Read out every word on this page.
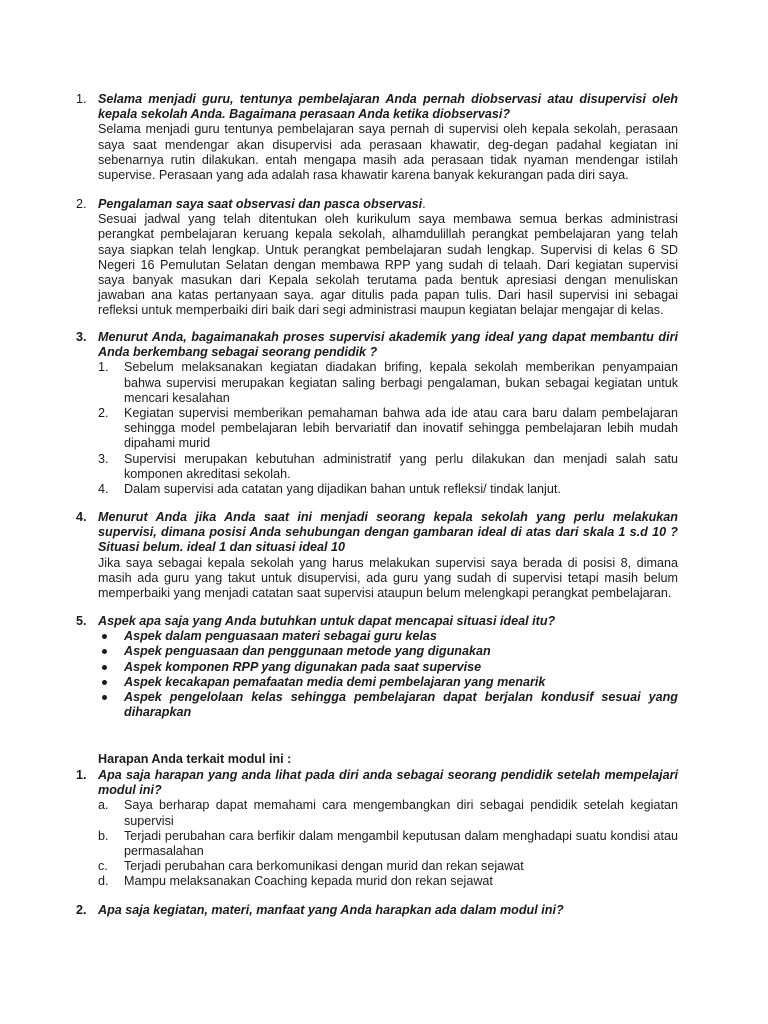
1. Selama menjadi guru, tentunya pembelajaran Anda pernah diobservasi atau disupervisi oleh kepala sekolah Anda. Bagaimana perasaan Anda ketika diobservasi?
Selama menjadi guru tentunya pembelajaran saya pernah di supervisi oleh kepala sekolah, perasaan saya saat mendengar akan disupervisi ada perasaan khawatir, deg-degan padahal kegiatan ini sebenarnya rutin dilakukan. entah mengapa masih ada perasaan tidak nyaman mendengar istilah supervise. Perasaan yang ada adalah rasa khawatir karena banyak kekurangan pada diri saya.
2. Pengalaman saya saat observasi dan pasca observasi.
Sesuai jadwal yang telah ditentukan oleh kurikulum saya membawa semua berkas administrasi perangkat pembelajaran keruang kepala sekolah, alhamdulillah perangkat pembelajaran yang telah saya siapkan telah lengkap. Untuk perangkat pembelajaran sudah lengkap. Supervisi di kelas 6 SD Negeri 16 Pemulutan Selatan dengan membawa RPP yang sudah di telaah. Dari kegiatan supervisi saya banyak masukan dari Kepala sekolah terutama pada bentuk apresiasi dengan menuliskan jawaban ana katas pertanyaan saya. agar ditulis pada papan tulis. Dari hasil supervisi ini sebagai refleksi untuk memperbaiki diri baik dari segi administrasi maupun kegiatan belajar mengajar di kelas.
3. Menurut Anda, bagaimanakah proses supervisi akademik yang ideal yang dapat membantu diri Anda berkembang sebagai seorang pendidik ?
1.	Sebelum melaksanakan kegiatan diadakan brifing, kepala sekolah memberikan penyampaian bahwa supervisi merupakan kegiatan saling berbagi pengalaman, bukan sebagai kegiatan untuk mencari kesalahan
2.	Kegiatan supervisi memberikan pemahaman bahwa ada ide atau cara baru dalam pembelajaran sehingga model pembelajaran lebih bervariatif dan inovatif sehingga pembelajaran lebih mudah dipahami murid
3.	Supervisi merupakan kebutuhan administratif yang perlu dilakukan dan menjadi salah satu komponen akreditasi sekolah.
4.	Dalam supervisi ada catatan yang dijadikan bahan untuk refleksi/ tindak lanjut.
4. Menurut Anda jika Anda saat ini menjadi seorang kepala sekolah yang perlu melakukan supervisi, dimana posisi Anda sehubungan dengan gambaran ideal di atas dari skala 1 s.d 10 ? Situasi belum. ideal 1 dan situasi ideal 10
Jika saya sebagai kepala sekolah yang harus melakukan supervisi saya berada di posisi 8, dimana masih ada guru yang takut untuk disupervisi, ada guru yang sudah di supervisi tetapi masih belum memperbaiki yang menjadi catatan saat supervisi ataupun belum melengkapi perangkat pembelajaran.
5. Aspek apa saja yang Anda butuhkan untuk dapat mencapai situasi ideal itu?
Aspek dalam penguasaan materi sebagai guru kelas
Aspek penguasaan dan penggunaan metode yang digunakan
Aspek komponen RPP yang digunakan pada saat supervise
Aspek kecakapan pemafaatan media demi pembelajaran yang menarik
Aspek pengelolaan kelas sehingga pembelajaran dapat berjalan kondusif sesuai yang diharapkan
Harapan Anda terkait modul ini :
1. Apa saja harapan yang anda lihat pada diri anda sebagai seorang pendidik setelah mempelajari modul ini?
a.	Saya berharap dapat memahami cara mengembangkan diri sebagai pendidik setelah kegiatan supervisi
b.	Terjadi perubahan cara berfikir dalam mengambil keputusan dalam menghadapi suatu kondisi atau permasalahan
c.	Terjadi perubahan cara berkomunikasi dengan murid dan rekan sejawat
d.	Mampu melaksanakan Coaching kepada murid don rekan sejawat
2. Apa saja kegiatan, materi, manfaat yang Anda harapkan ada dalam modul ini?
